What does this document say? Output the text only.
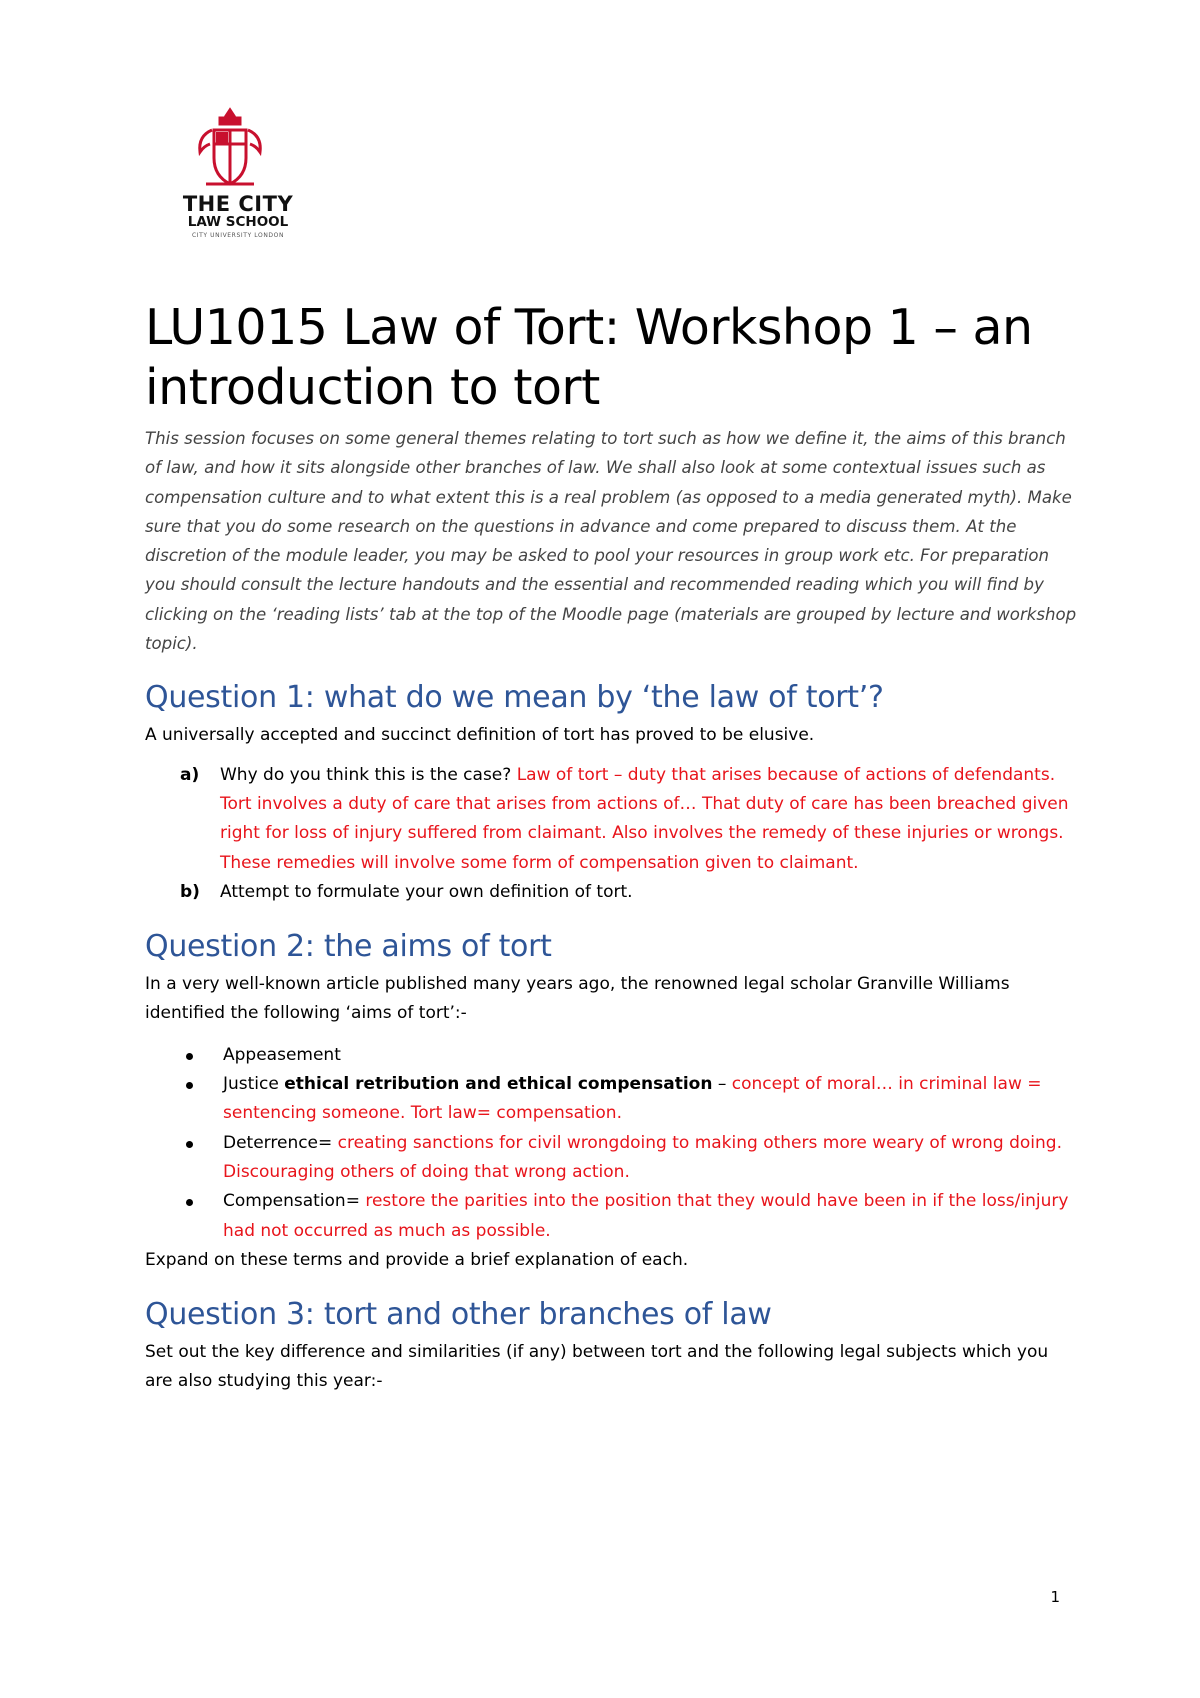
THE CITY
LAW SCHOOL
CITY UNIVERSITY LONDON
LU1015 Law of Tort: Workshop 1 – an introduction to tort

This session focuses on some general themes relating to tort such as how we define it, the aims of this branch of law, and how it sits alongside other branches of law. We shall also look at some contextual issues such as compensation culture and to what extent this is a real problem (as opposed to a media generated myth). Make sure that you do some research on the questions in advance and come prepared to discuss them. At the discretion of the module leader, you may be asked to pool your resources in group work etc. For preparation you should consult the lecture handouts and the essential and recommended reading which you will find by clicking on the ‘reading lists’ tab at the top of the Moodle page (materials are grouped by lecture and workshop topic).

Question 1: what do we mean by ‘the law of tort’?

A universally accepted and succinct definition of tort has proved to be elusive.

a) Why do you think this is the case? Law of tort – duty that arises because of actions of defendants. Tort involves a duty of care that arises from actions of… That duty of care has been breached given right for loss of injury suffered from claimant. Also involves the remedy of these injuries or wrongs. These remedies will involve some form of compensation given to claimant.
b) Attempt to formulate your own definition of tort.
Question 2: the aims of tort

In a very well-known article published many years ago, the renowned legal scholar Granville Williams identified the following ‘aims of tort’:-

Appeasement
Justice ethical retribution and ethical compensation – concept of moral… in criminal law = sentencing someone. Tort law= compensation.
Deterrence= creating sanctions for civil wrongdoing to making others more weary of wrong doing. Discouraging others of doing that wrong action.
Compensation= restore the parities into the position that they would have been in if the loss/injury had not occurred as much as possible.

Expand on these terms and provide a brief explanation of each.

Question 3: tort and other branches of law

Set out the key difference and similarities (if any) between tort and the following legal subjects which you are also studying this year:-

1
